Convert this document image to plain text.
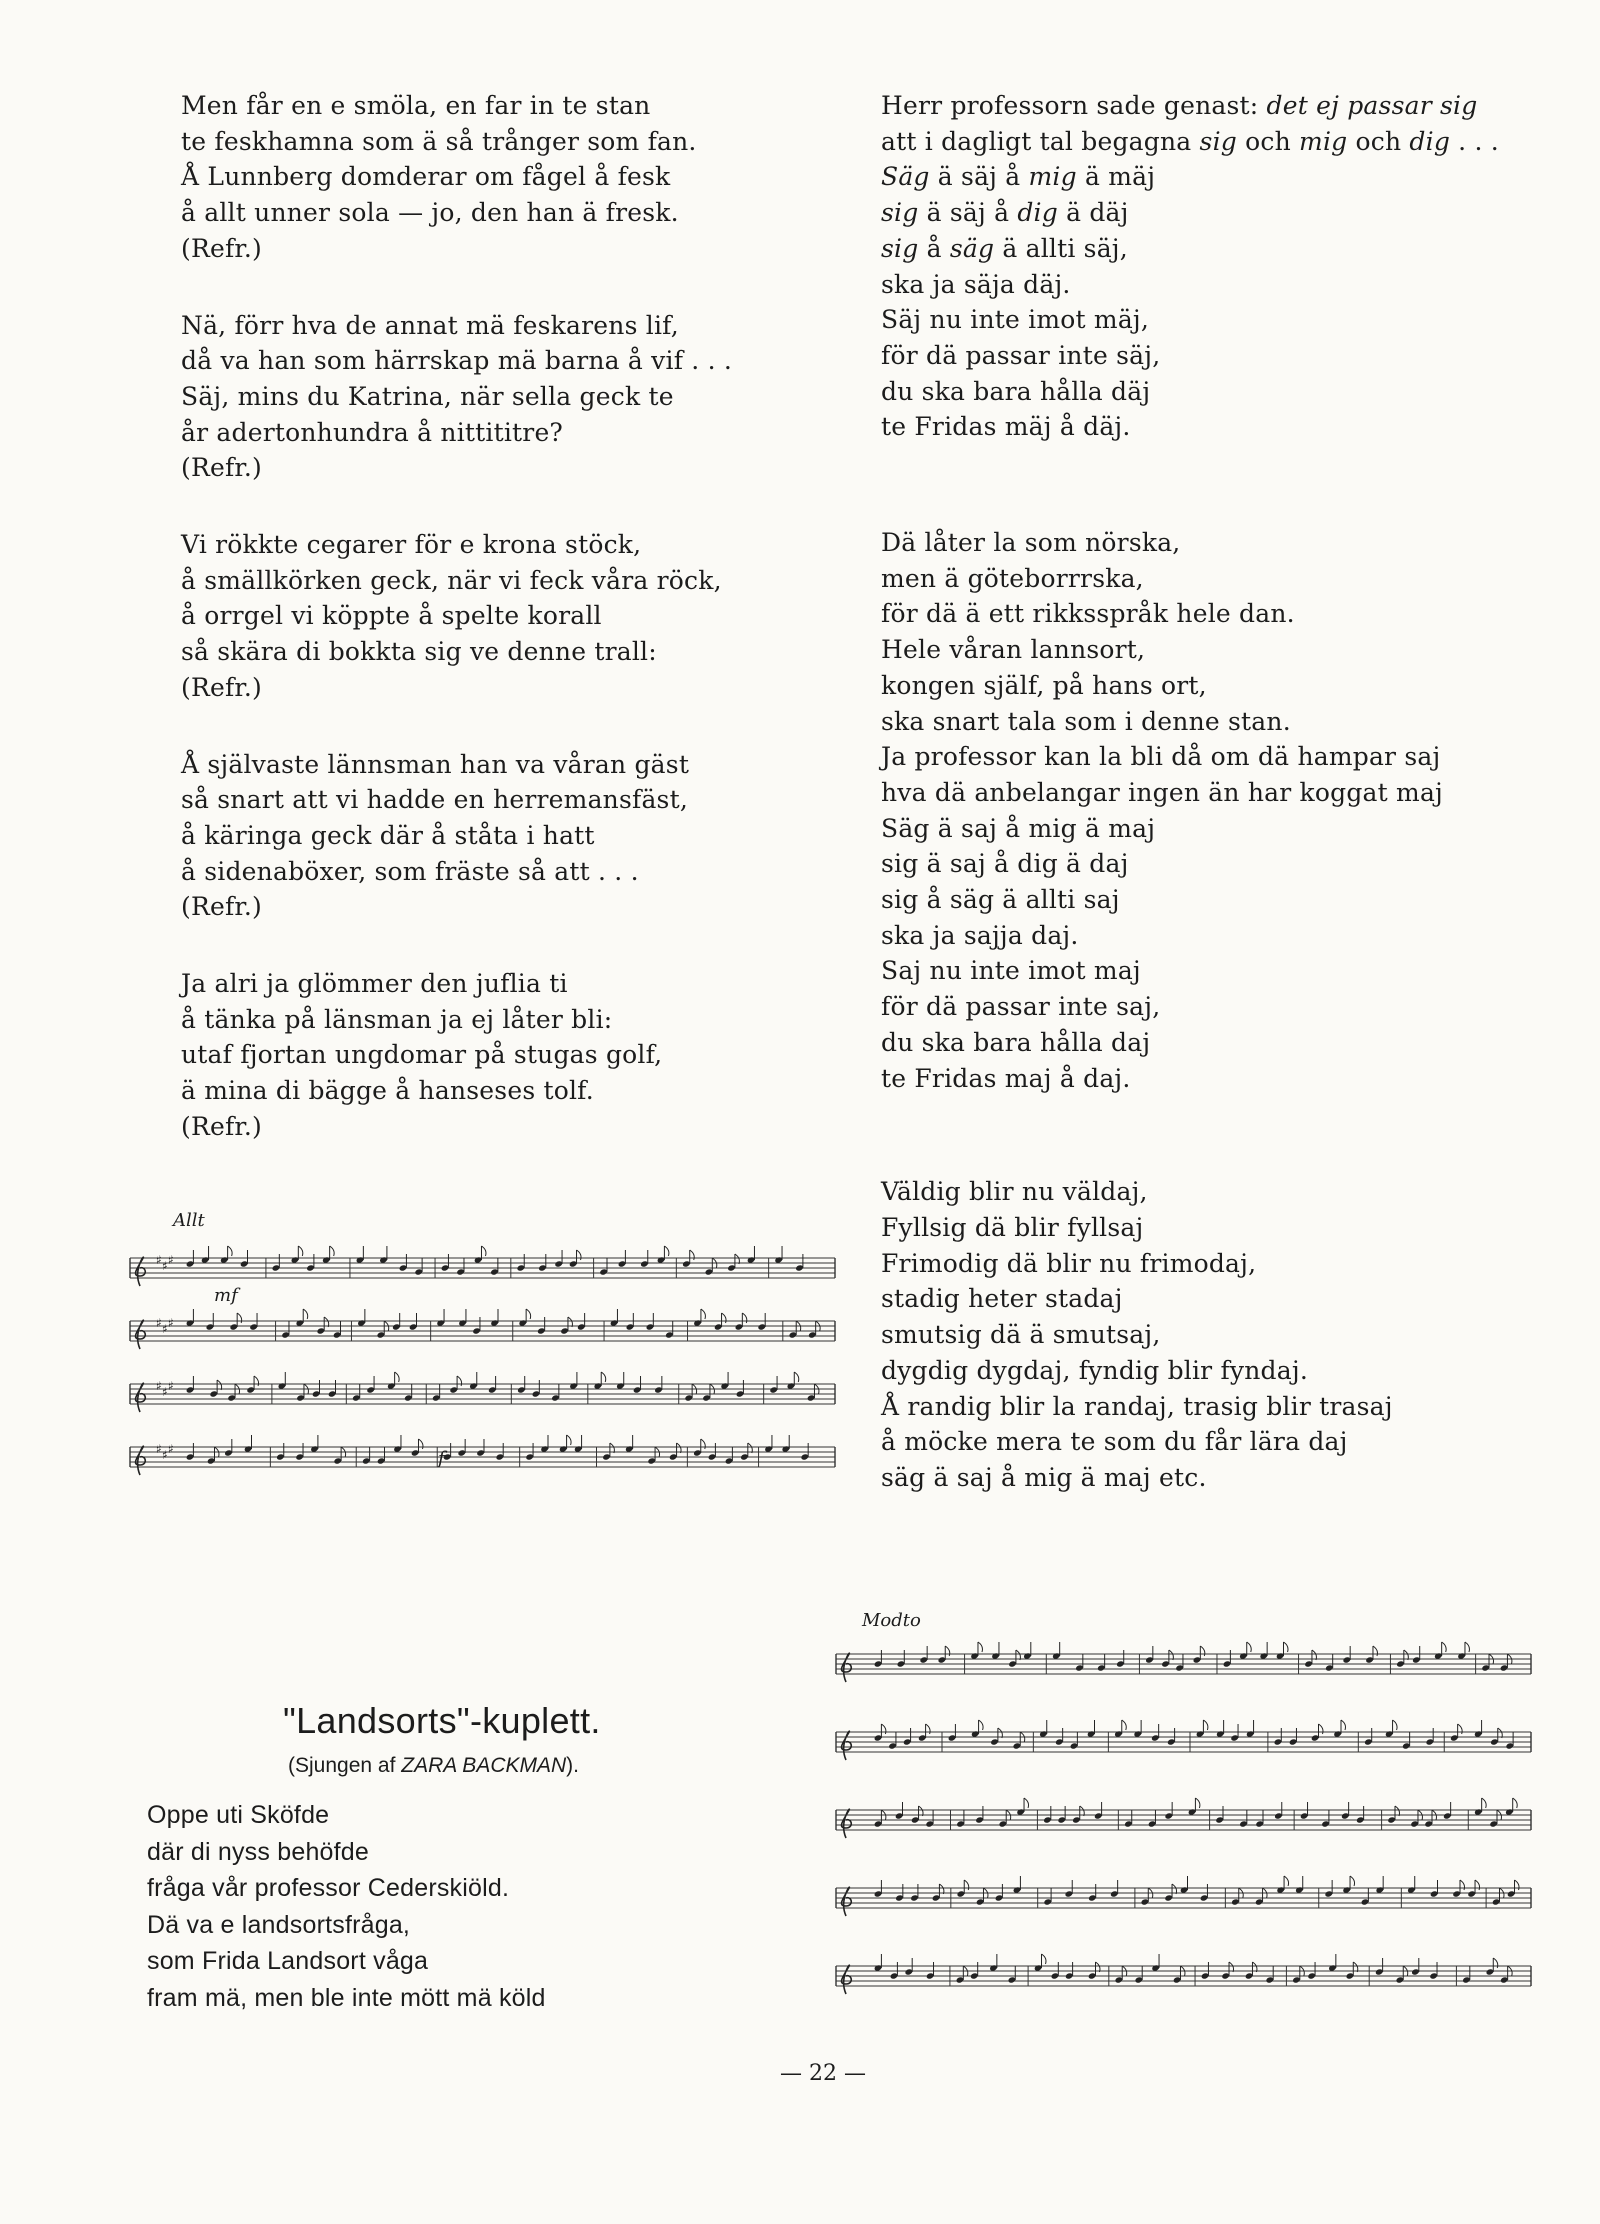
Men får en e smöla, en far in te stan
te feskhamna som ä så trånger som fan.
Å Lunnberg domderar om fågel å fesk
å allt unner sola — jo, den han ä fresk.
(Refr.)
Nä, förr hva de annat mä feskarens lif,
då va han som härrskap mä barna å vif . . .
Säj, mins du Katrina, när sella geck te
år adertonhundra å nittititre?
(Refr.)
Vi rökkte cegarer för e krona stöck,
å smällkörken geck, när vi feck våra röck,
å orrgel vi köppte å spelte korall
så skära di bokkta sig ve denne trall:
(Refr.)
Å självaste lännsman han va våran gäst
så snart att vi hadde en herremansfäst,
å käringa geck där å ståta i hatt
å sidenaböxer, som fräste så att . . .
(Refr.)
Ja alri ja glömmer den juflia ti
å tänka på länsman ja ej låter bli:
utaf fjortan ungdomar på stugas golf,
ä mina di bägge å hanseses tolf.
(Refr.)
Herr professorn sade genast: det ej passar sig
att i dagligt tal begagna sig och mig och dig . . .
Säg ä säj å mig ä mäj
sig ä säj å dig ä däj
sig å säg ä allti säj,
ska ja säja däj.
Säj nu inte imot mäj,
för dä passar inte säj,
du ska bara hålla däj
te Fridas mäj å däj.
Dä låter la som nörska,
men ä göteborrrska,
för dä ä ett rikksspråk hele dan.
Hele våran lannsort,
kongen själf, på hans ort,
ska snart tala som i denne stan.
Ja professor kan la bli då om dä hampar saj
hva dä anbelangar ingen än har koggat maj
Säg ä saj å mig ä maj
sig ä saj å dig ä daj
sig å säg ä allti saj
ska ja sajja daj.
Saj nu inte imot maj
för dä passar inte saj,
du ska bara hålla daj
te Fridas maj å daj.
Väldig blir nu väldaj,
Fyllsig dä blir fyllsaj
Frimodig dä blir nu frimodaj,
stadig heter stadaj
smutsig dä ä smutsaj,
dygdig dygdaj, fyndig blir fyndaj.
Å randig blir la randaj, trasig blir trasaj
å möcke mera te som du får lära daj
säg ä saj å mig ä maj etc.
"Landsorts"-kuplett.
(Sjungen af ZARA BACKMAN).
Oppe uti Sköfde
där di nyss behöfde
fråga vår professor Cederskiöld.
Dä va e landsortsfråga,
som Frida Landsort våga
fram mä, men ble inte mött mä köld
— 22 —
♯ ♯ ♯
♯ ♯ ♯
♯ ♯ ♯
♯ ♯ ♯
Allt
mf
f
Modto
